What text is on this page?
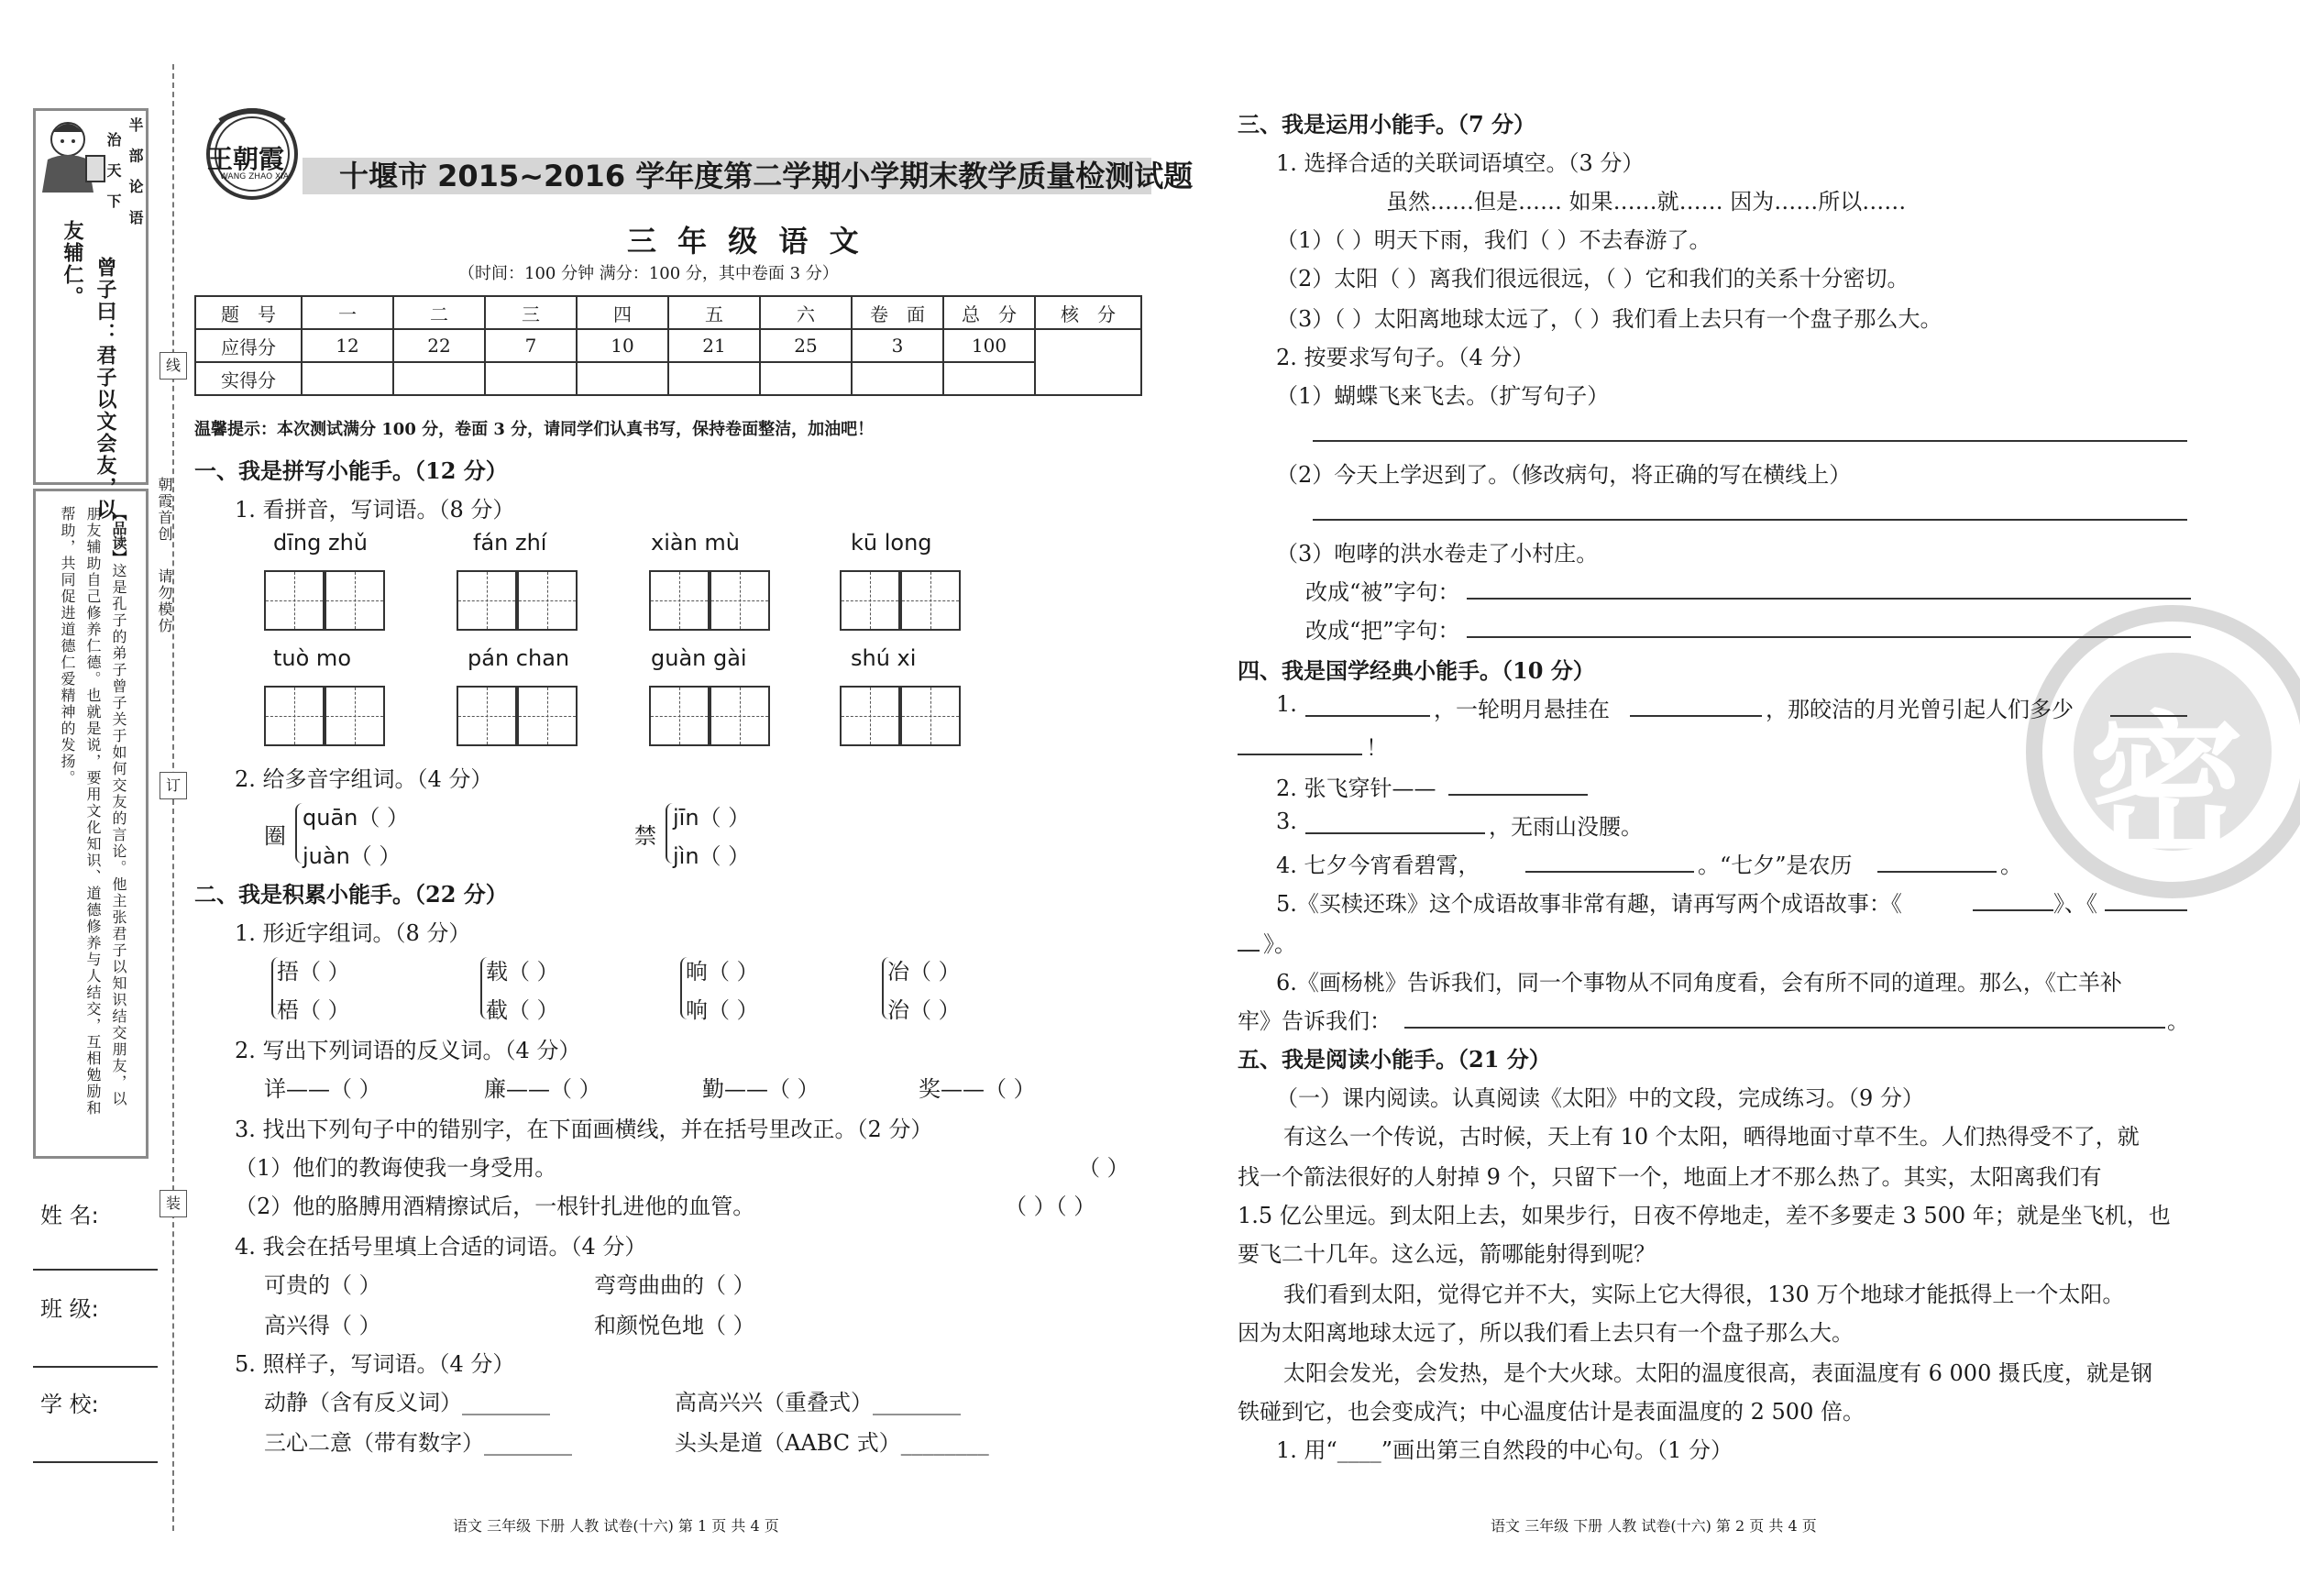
线
订
装
朝霞首创
请勿模仿
半 部 论 语
治 天 下
曾子曰：君子以文会友，以
友辅仁。
【品读】
这是孔子的弟子曾子关于如何交友的言论。他主张君子以知识结交朋友，以
朋友辅助自己修养仁德。也就是说，要用文化知识、道德修养与人结交，互相勉励和
帮助，共同促进道德仁爱精神的发扬。
姓 名:
班 级:
学 校:
王朝霞
WANG ZHAO XIA 十堰市 2015~2016 学年度第二学期小学期末教学质量检测试题
三 年 级 语 文
（时间：100 分钟 满分：100 分，其中卷面 3 分）
题　号	一	二	三	四	五	六	卷　面	总　分	核　分
应得分	12	22	7	10	21	25	3	100	
实得分									
温馨提示：本次测试满分 100 分，卷面 3 分，请同学们认真书写，保持卷面整洁，加油吧！
一、我是拼写小能手。（12 分）
1. 看拼音，写词语。（8 分）
dīng zhǔ	fán zhí	xiàn mù	kū long
tuò mo	pán chan	guàn gài	shú xi
2. 给多音字组词。（4 分）
圈
quān（ ）
juàn（ ）
禁
jīn（ ）
jìn（ ）
二、我是积累小能手。（22 分）
1. 形近字组词。（8 分）
捂（ ）
梧（ ）
载（ ）
截（ ）
晌（ ）
响（ ）
冶（ ）
治（ ）
2. 写出下列词语的反义词。（4 分）
详——（ ）	廉——（ ）	勤——（ ）	奖——（ ）
3. 找出下列句子中的错别字，在下面画横线，并在括号里改正。（2 分）
（1）他们的教诲使我一身受用。	（ ）
（2）他的胳膊用酒精擦试后，一根针扎进他的血管。	（ ）（ ）
4. 我会在括号里填上合适的词语。（4 分）
可贵的（ ）	弯弯曲曲的（ ）
高兴得（ ）	和颜悦色地（ ）
5. 照样子，写词语。（4 分）
动静（含有反义词）________	高高兴兴（重叠式）________
三心二意（带有数字）________	头头是道（AABC 式）________
语文 三年级 下册 人教 试卷(十六) 第 1 页 共 4 页
密
三、我是运用小能手。（7 分）
1. 选择合适的关联词语填空。（3 分）
虽然……但是…… 如果……就…… 因为……所以……
（1）（ ）明天下雨，我们（ ）不去春游了。
（2）太阳（ ）离我们很远很远，（ ）它和我们的关系十分密切。
（3）（ ）太阳离地球太远了，（ ）我们看上去只有一个盘子那么大。
2. 按要求写句子。（4 分）
（1）蝴蝶飞来飞去。（扩写句子）
（2）今天上学迟到了。（修改病句，将正确的写在横线上）
（3）咆哮的洪水卷走了小村庄。
改成“被”字句：
改成“把”字句：
四、我是国学经典小能手。（10 分）
1.	，一轮明月悬挂在	，那皎洁的月光曾引起人们多少
！
2. 张飞穿针——
3.	，无雨山没腰。
4. 七夕今宵看碧霄，	。“七夕”是农历	。
5.《买椟还珠》这个成语故事非常有趣，请再写两个成语故事：《	》、《
》。
6.《画杨桃》告诉我们，同一个事物从不同角度看，会有所不同的道理。那么，《亡羊补
牢》告诉我们：	。
五、我是阅读小能手。（21 分）
（一）课内阅读。认真阅读《太阳》中的文段，完成练习。（9 分）
有这么一个传说，古时候，天上有 10 个太阳，晒得地面寸草不生。人们热得受不了，就
找一个箭法很好的人射掉 9 个，只留下一个，地面上才不那么热了。其实，太阳离我们有
1.5 亿公里远。到太阳上去，如果步行，日夜不停地走，差不多要走 3 500 年；就是坐飞机，也
要飞二十几年。这么远，箭哪能射得到呢？
我们看到太阳，觉得它并不大，实际上它大得很，130 万个地球才能抵得上一个太阳。
因为太阳离地球太远了，所以我们看上去只有一个盘子那么大。
太阳会发光，会发热，是个大火球。太阳的温度很高，表面温度有 6 000 摄氏度，就是钢
铁碰到它，也会变成汽；中心温度估计是表面温度的 2 500 倍。
1. 用“____”画出第三自然段的中心句。（1 分）
语文 三年级 下册 人教 试卷(十六) 第 2 页 共 4 页
